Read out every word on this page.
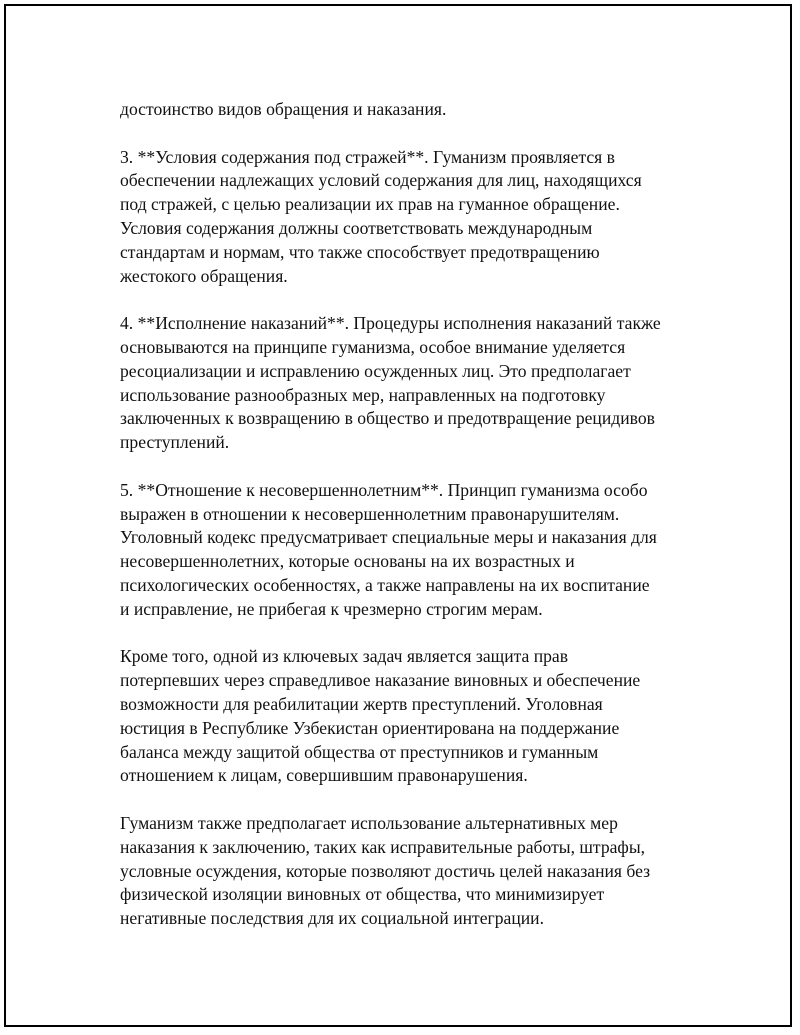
достоинство видов обращения и наказания.

3. **Условия содержания под стражей**. Гуманизм проявляется в
обеспечении надлежащих условий содержания для лиц, находящихся
под стражей, с целью реализации их прав на гуманное обращение.
Условия содержания должны соответствовать международным
стандартам и нормам, что также способствует предотвращению
жестокого обращения.

4. **Исполнение наказаний**. Процедуры исполнения наказаний также
основываются на принципе гуманизма, особое внимание уделяется
ресоциализации и исправлению осужденных лиц. Это предполагает
использование разнообразных мер, направленных на подготовку
заключенных к возвращению в общество и предотвращение рецидивов
преступлений.

5. **Отношение к несовершеннолетним**. Принцип гуманизма особо
выражен в отношении к несовершеннолетним правонарушителям.
Уголовный кодекс предусматривает специальные меры и наказания для
несовершеннолетних, которые основаны на их возрастных и
психологических особенностях, а также направлены на их воспитание
и исправление, не прибегая к чрезмерно строгим мерам.

Кроме того, одной из ключевых задач является защита прав
потерпевших через справедливое наказание виновных и обеспечение
возможности для реабилитации жертв преступлений. Уголовная
юстиция в Республике Узбекистан ориентирована на поддержание
баланса между защитой общества от преступников и гуманным
отношением к лицам, совершившим правонарушения.

Гуманизм также предполагает использование альтернативных мер
наказания к заключению, таких как исправительные работы, штрафы,
условные осуждения, которые позволяют достичь целей наказания без
физической изоляции виновных от общества, что минимизирует
негативные последствия для их социальной интеграции.
